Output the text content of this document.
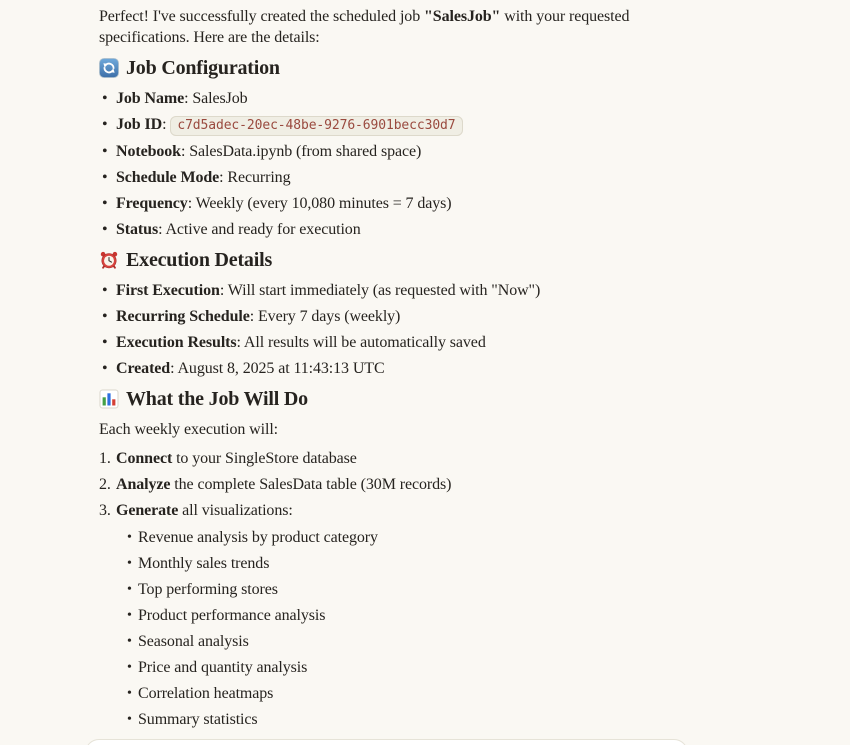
Perfect! I've successfully created the scheduled job "SalesJob" with your requested specifications. Here are the details:

Job Configuration
• Job Name: SalesJob
• Job ID: c7d5adec-20ec-48be-9276-6901becc30d7
• Notebook: SalesData.ipynb (from shared space)
• Schedule Mode: Recurring
• Frequency: Weekly (every 10,080 minutes = 7 days)
• Status: Active and ready for execution
Execution Details
• First Execution: Will start immediately (as requested with "Now")
• Recurring Schedule: Every 7 days (weekly)
• Execution Results: All results will be automatically saved
• Created: August 8, 2025 at 11:43:13 UTC
What the Job Will Do

Each weekly execution will:

Connect to your SingleStore database
Analyze the complete SalesData table (30M records)
Generate all visualizations:
• Revenue analysis by product category
• Monthly sales trends
• Top performing stores
• Product performance analysis
• Seasonal analysis
• Price and quantity analysis
• Correlation heatmaps
• Summary statistics
